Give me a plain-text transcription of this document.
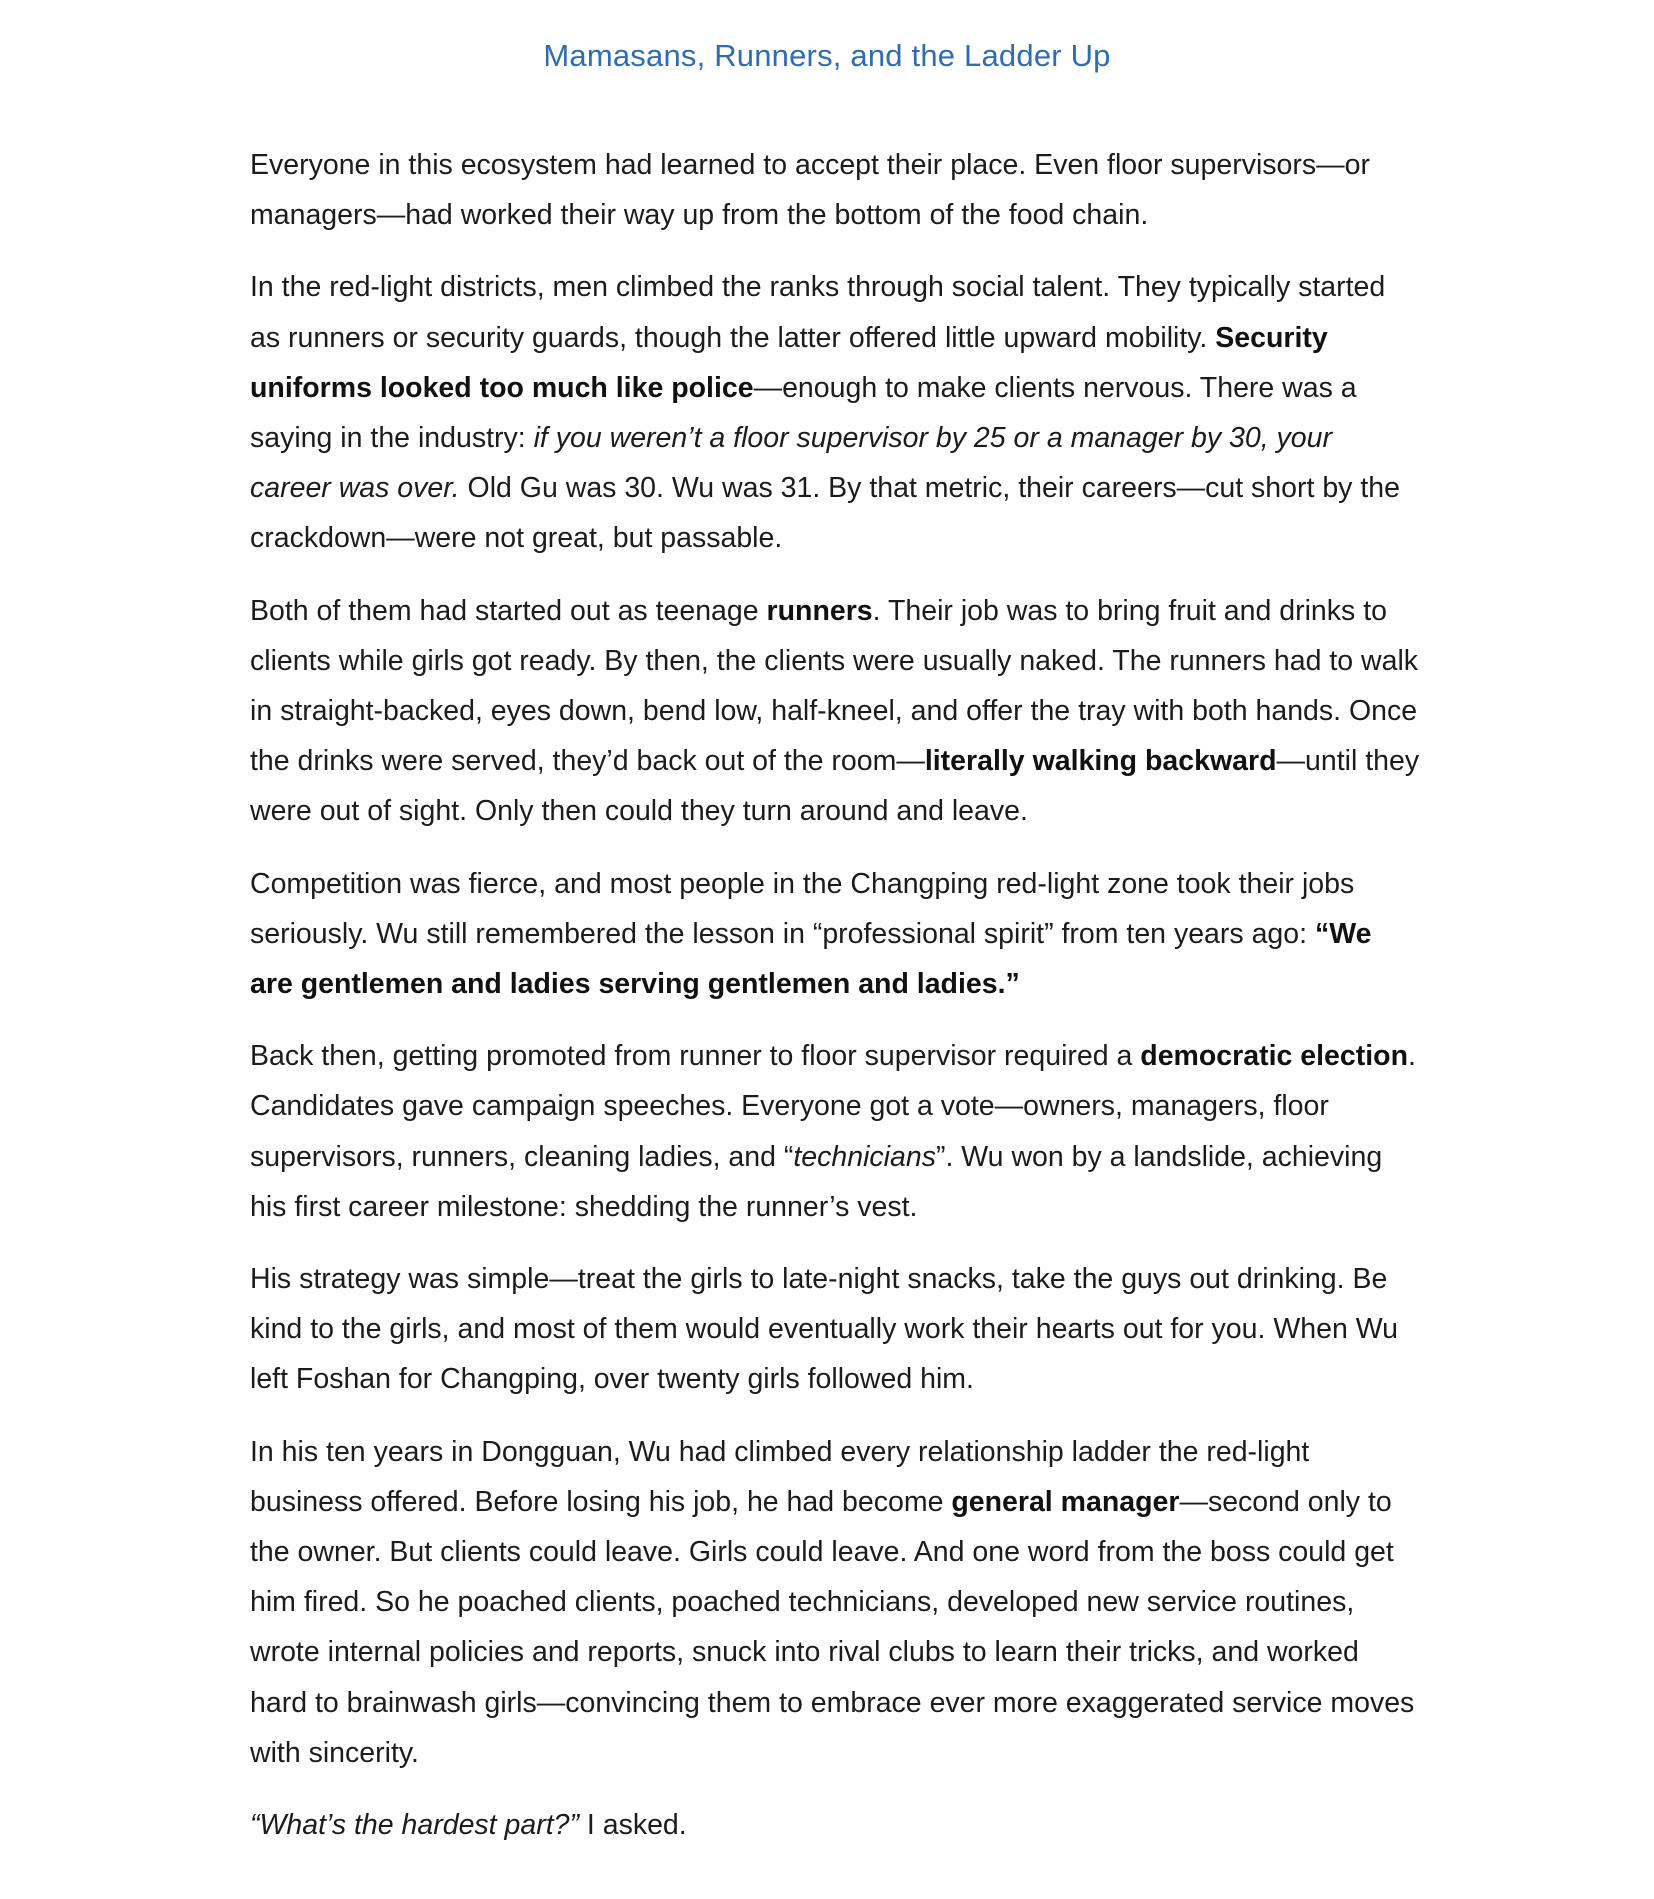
Mamasans, Runners, and the Ladder Up

Everyone in this ecosystem had learned to accept their place. Even floor supervisors—or managers—had worked their way up from the bottom of the food chain.

In the red-light districts, men climbed the ranks through social talent. They typically started as runners or security guards, though the latter offered little upward mobility. Security uniforms looked too much like police—enough to make clients nervous. There was a saying in the industry: if you weren’t a floor supervisor by 25 or a manager by 30, your career was over. Old Gu was 30. Wu was 31. By that metric, their careers—cut short by the crackdown—were not great, but passable.

Both of them had started out as teenage runners. Their job was to bring fruit and drinks to clients while girls got ready. By then, the clients were usually naked. The runners had to walk in straight-backed, eyes down, bend low, half-kneel, and offer the tray with both hands. Once the drinks were served, they’d back out of the room—literally walking backward—until they were out of sight. Only then could they turn around and leave.

Competition was fierce, and most people in the Changping red-light zone took their jobs seriously. Wu still remembered the lesson in “professional spirit” from ten years ago: “We are gentlemen and ladies serving gentlemen and ladies.”

Back then, getting promoted from runner to floor supervisor required a democratic election. Candidates gave campaign speeches. Everyone got a vote—owners, managers, floor supervisors, runners, cleaning ladies, and “technicians”. Wu won by a landslide, achieving his first career milestone: shedding the runner’s vest.

His strategy was simple—treat the girls to late-night snacks, take the guys out drinking. Be kind to the girls, and most of them would eventually work their hearts out for you. When Wu left Foshan for Changping, over twenty girls followed him.

In his ten years in Dongguan, Wu had climbed every relationship ladder the red-light business offered. Before losing his job, he had become general manager—second only to the owner. But clients could leave. Girls could leave. And one word from the boss could get him fired. So he poached clients, poached technicians, developed new service routines, wrote internal policies and reports, snuck into rival clubs to learn their tricks, and worked hard to brainwash girls—convincing them to embrace ever more exaggerated service moves with sincerity.

“What’s the hardest part?” I asked.
